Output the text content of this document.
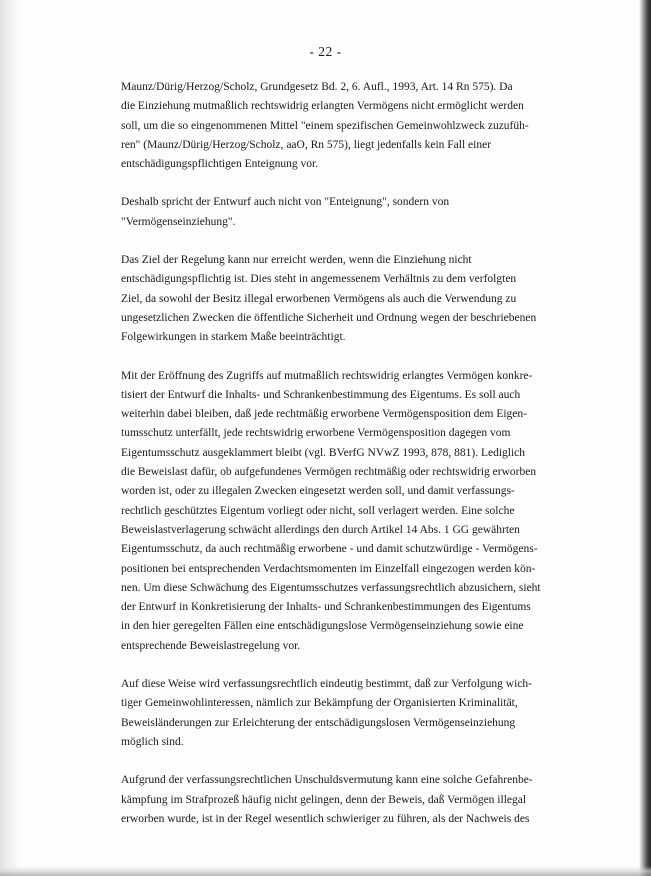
- 22 -

Maunz/Dürig/Herzog/Scholz, Grundgesetz Bd. 2, 6. Aufl., 1993, Art. 14 Rn 575). Da
die Einziehung mutmaßlich rechtswidrig erlangten Vermögens nicht ermöglicht werden
soll, um die so eingenommenen Mittel "einem spezifischen Gemeinwohlzweck zuzufüh-
ren" (Maunz/Dürig/Herzog/Scholz, aaO, Rn 575), liegt jedenfalls kein Fall einer
entschädigungspflichtigen Enteignung vor.

Deshalb spricht der Entwurf auch nicht von "Enteignung", sondern von
"Vermögenseinziehung".

Das Ziel der Regelung kann nur erreicht werden, wenn die Einziehung nicht
entschädigungspflichtig ist. Dies steht in angemessenem Verhältnis zu dem verfolgten
Ziel, da sowohl der Besitz illegal erworbenen Vermögens als auch die Verwendung zu
ungesetzlichen Zwecken die öffentliche Sicherheit und Ordnung wegen der beschriebenen
Folgewirkungen in starkem Maße beeinträchtigt.

Mit der Eröffnung des Zugriffs auf mutmaßlich rechtswidrig erlangtes Vermögen konkre-
tisiert der Entwurf die Inhalts- und Schrankenbestimmung des Eigentums. Es soll auch
weiterhin dabei bleiben, daß jede rechtmäßig erworbene Vermögensposition dem Eigen-
tumsschutz unterfällt, jede rechtswidrig erworbene Vermögensposition dagegen vom
Eigentumsschutz ausgeklammert bleibt (vgl. BVerfG NVwZ 1993, 878, 881). Lediglich
die Beweislast dafür, ob aufgefundenes Vermögen rechtmäßig oder rechtswidrig erworben
worden ist, oder zu illegalen Zwecken eingesetzt werden soll, und damit verfassungs-
rechtlich geschütztes Eigentum vorliegt oder nicht, soll verlagert werden. Eine solche
Beweislastverlagerung schwächt allerdings den durch Artikel 14 Abs. 1 GG gewährten
Eigentumsschutz, da auch rechtmäßig erworbene - und damit schutzwürdige - Vermögens-
positionen bei entsprechenden Verdachtsmomenten im Einzelfall eingezogen werden kön-
nen. Um diese Schwächung des Eigentumsschutzes verfassungsrechtlich abzusichern, sieht
der Entwurf in Konkretisierung der Inhalts- und Schrankenbestimmungen des Eigentums
in den hier geregelten Fällen eine entschädigungslose Vermögenseinziehung sowie eine
entsprechende Beweislastregelung vor.

Auf diese Weise wird verfassungsrechtlich eindeutig bestimmt, daß zur Verfolgung wich-
tiger Gemeinwohlinteressen, nämlich zur Bekämpfung der Organisierten Kriminalität,
Beweisländerungen zur Erleichterung der entschädigungslosen Vermögenseinziehung
möglich sind.

Aufgrund der verfassungsrechtlichen Unschuldsvermutung kann eine solche Gefahrenbe-
kämpfung im Strafprozeß häufig nicht gelingen, denn der Beweis, daß Vermögen illegal
erworben wurde, ist in der Regel wesentlich schwieriger zu führen, als der Nachweis des
